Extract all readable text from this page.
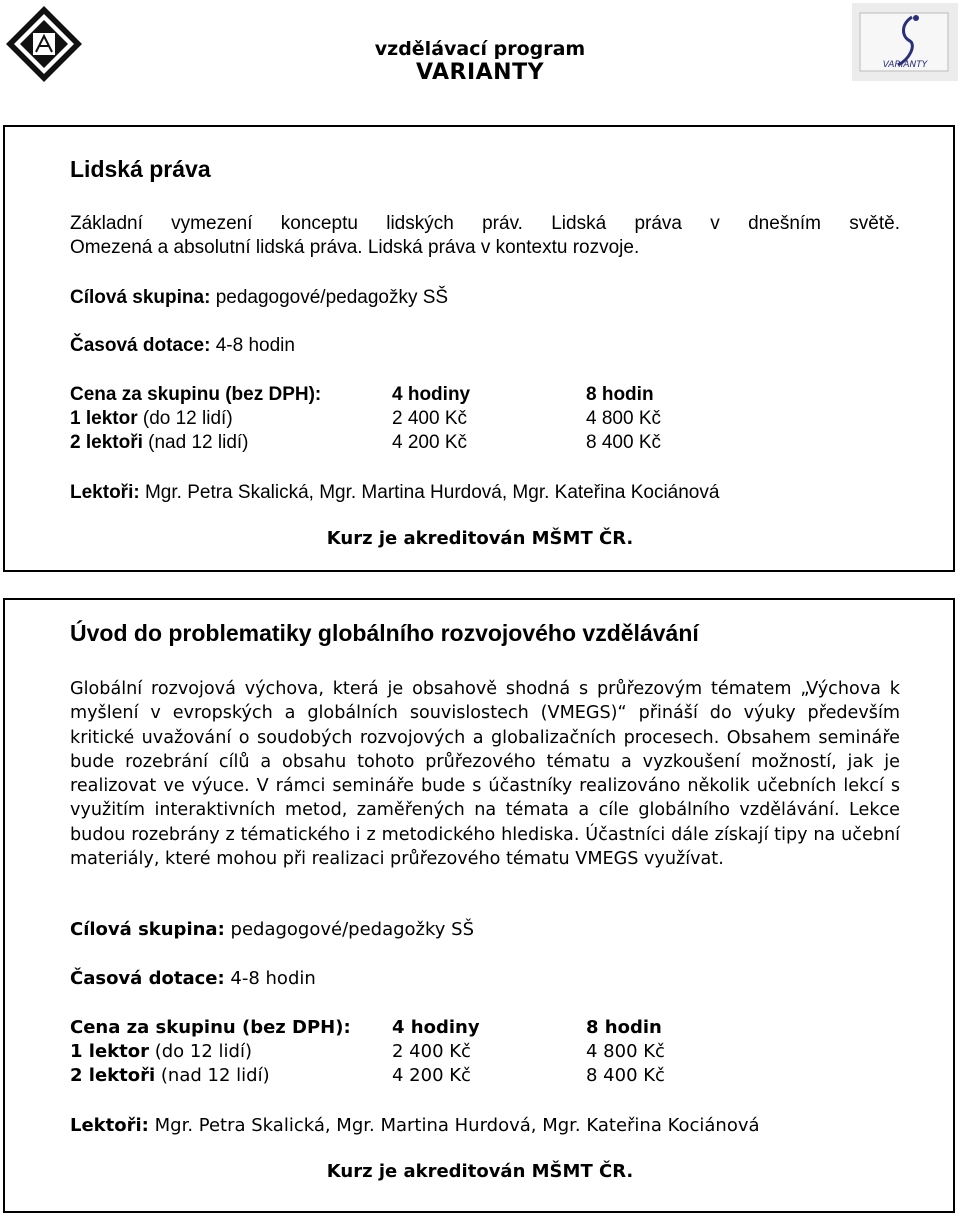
vzdělávací program
VARIANTY	VARIANTY
Lidská práva
Základní vymezení konceptu lidských práv. Lidská práva v dnešním světě.
Omezená a absolutní lidská práva. Lidská práva v kontextu rozvoje.
Cílová skupina: pedagogové/pedagožky SŠ
Časová dotace: 4-8 hodin
Cena za skupinu (bez DPH):	4 hodiny	8 hodin
1 lektor (do 12 lidí)	2 400 Kč	4 800 Kč
2 lektoři (nad 12 lidí)	4 200 Kč	8 400 Kč
Lektoři: Mgr. Petra Skalická, Mgr. Martina Hurdová, Mgr. Kateřina Kociánová
Kurz je akreditován MŠMT ČR.
Úvod do problematiky globálního rozvojového vzdělávání
Globální rozvojová výchova, která je obsahově shodná s průřezovým tématem „Výchova k myšlení v evropských a globálních souvislostech (VMEGS)“ přináší do výuky především kritické uvažování o soudobých rozvojových a globalizačních procesech. Obsahem semináře bude rozebrání cílů a obsahu tohoto průřezového tématu a vyzkoušení možností, jak je realizovat ve výuce. V rámci semináře bude s účastníky realizováno několik učebních lekcí s využitím interaktivních metod, zaměřených na témata a cíle globálního vzdělávání. Lekce budou rozebrány z tématického i z metodického hlediska. Účastníci dále získají tipy na učební materiály, které mohou při realizaci průřezového tématu VMEGS využívat.
Cílová skupina: pedagogové/pedagožky SŠ
Časová dotace: 4-8 hodin
Cena za skupinu (bez DPH): 4 hodiny	8 hodin
1 lektor (do 12 lidí)	2 400 Kč	4 800 Kč
2 lektoři (nad 12 lidí)	4 200 Kč	8 400 Kč
Lektoři: Mgr. Petra Skalická, Mgr. Martina Hurdová, Mgr. Kateřina Kociánová
Kurz je akreditován MŠMT ČR.
